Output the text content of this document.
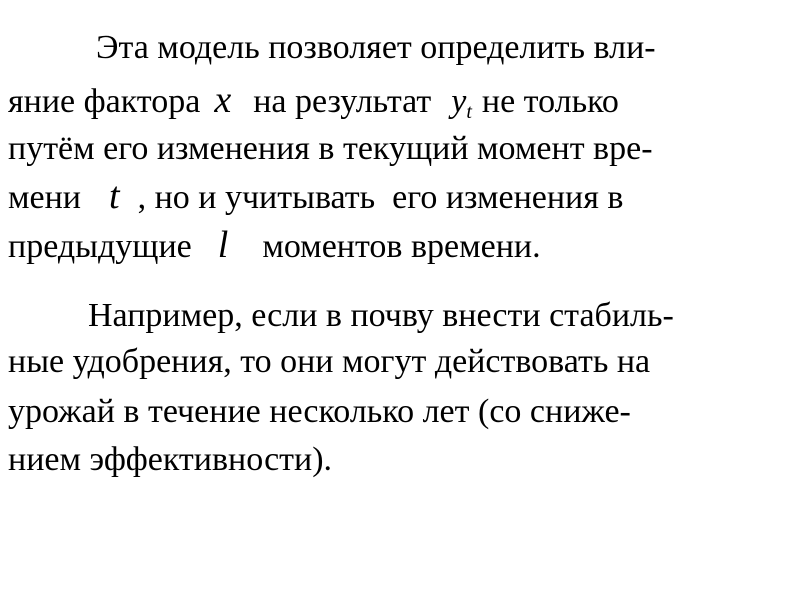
Эта модель позволяет определить вли-
яние фактора x на результат $y_t$ не только
путём его изменения в текущий момент вре-
мени t , но и учитывать  его изменения в
предыдущие l моментов времени.
Например, если в почву внести стабиль-
ные удобрения, то они могут действовать на
урожай в течение несколько лет (со сниже-
нием эффективности).
